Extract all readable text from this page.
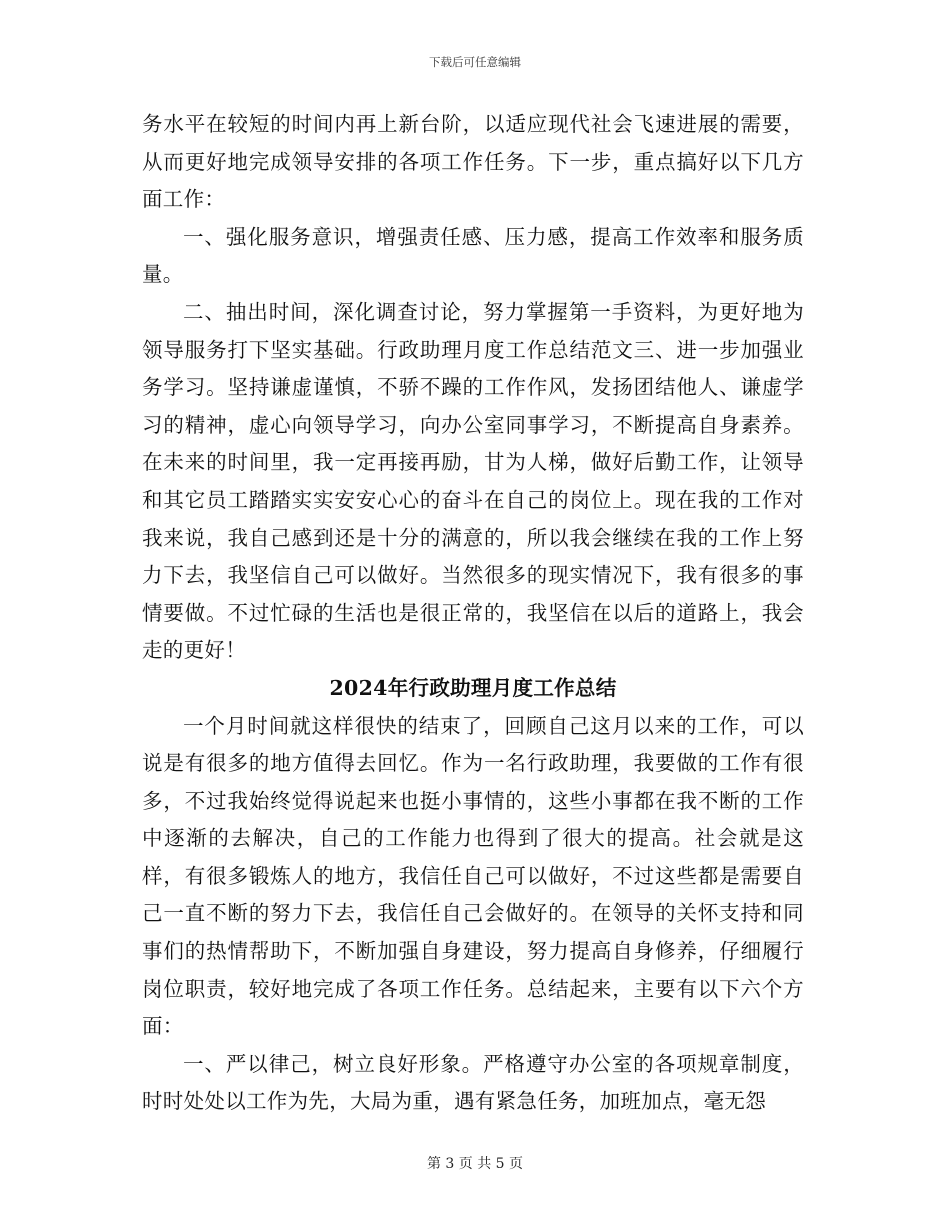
下载后可任意编辑

务水平在较短的时间内再上新台阶，以适应现代社会飞速进展的需要，从而更好地完成领导安排的各项工作任务。下一步，重点搞好以下几方面工作：

一、强化服务意识，增强责任感、压力感，提高工作效率和服务质量。

二、抽出时间，深化调查讨论，努力掌握第一手资料，为更好地为领导服务打下坚实基础。行政助理月度工作总结范文三、进一步加强业务学习。坚持谦虚谨慎，不骄不躁的工作作风，发扬团结他人、谦虚学习的精神，虚心向领导学习，向办公室同事学习，不断提高自身素养。在未来的时间里，我一定再接再励，甘为人梯，做好后勤工作，让领导和其它员工踏踏实实安安心心的奋斗在自己的岗位上。现在我的工作对我来说，我自己感到还是十分的满意的，所以我会继续在我的工作上努力下去，我坚信自己可以做好。当然很多的现实情况下，我有很多的事情要做。不过忙碌的生活也是很正常的，我坚信在以后的道路上，我会走的更好！

2024年行政助理月度工作总结

一个月时间就这样很快的结束了，回顾自己这月以来的工作，可以说是有很多的地方值得去回忆。作为一名行政助理，我要做的工作有很多，不过我始终觉得说起来也挺小事情的，这些小事都在我不断的工作中逐渐的去解决，自己的工作能力也得到了很大的提高。社会就是这样，有很多锻炼人的地方，我信任自己可以做好，不过这些都是需要自己一直不断的努力下去，我信任自己会做好的。在领导的关怀支持和同事们的热情帮助下，不断加强自身建设，努力提高自身修养，仔细履行岗位职责，较好地完成了各项工作任务。总结起来，主要有以下六个方面：

一、严以律己，树立良好形象。严格遵守办公室的各项规章制度，时时处处以工作为先，大局为重，遇有紧急任务，加班加点，毫无怨

第 3 页 共 5 页
